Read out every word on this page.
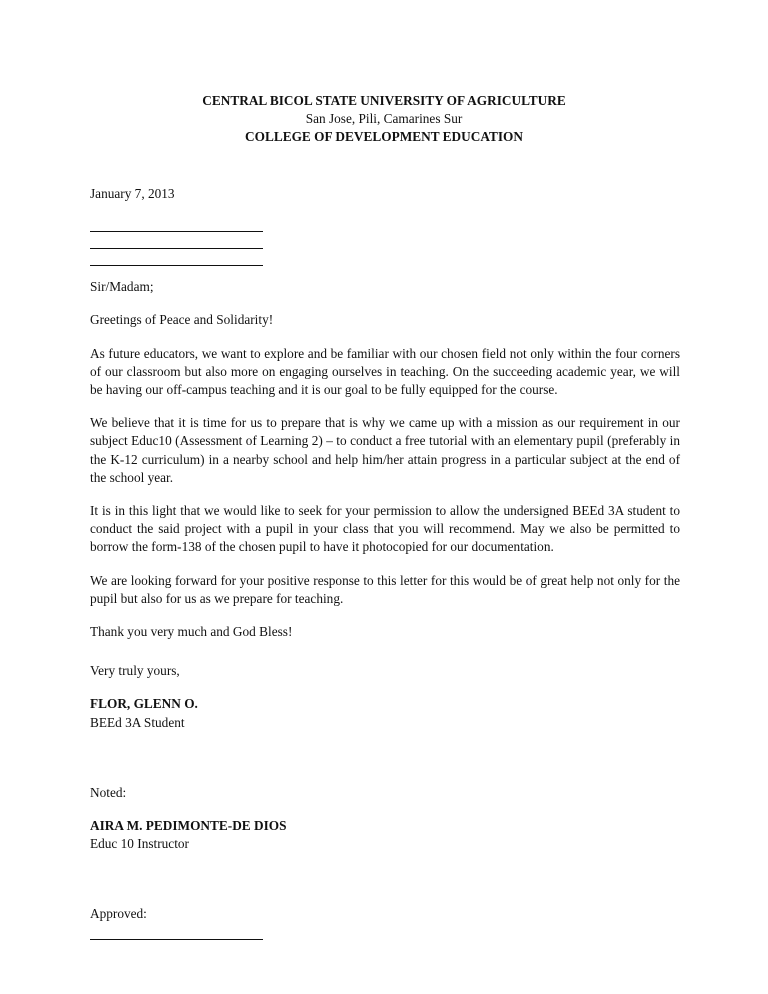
CENTRAL BICOL STATE UNIVERSITY OF AGRICULTURE
San Jose, Pili, Camarines Sur
COLLEGE OF DEVELOPMENT EDUCATION

January 7, 2013

Sir/Madam;

Greetings of Peace and Solidarity!

As future educators, we want to explore and be familiar with our chosen field not only within the four corners of our classroom but also more on engaging ourselves in teaching. On the succeeding academic year, we will be having our off-campus teaching and it is our goal to be fully equipped for the course.

We believe that it is time for us to prepare that is why we came up with a mission as our requirement in our subject Educ10 (Assessment of Learning 2) – to conduct a free tutorial with an elementary pupil (preferably in the K-12 curriculum) in a nearby school and help him/her attain progress in a particular subject at the end of the school year.

It is in this light that we would like to seek for your permission to allow the undersigned BEEd 3A student to conduct the said project with a pupil in your class that you will recommend. May we also be permitted to borrow the form-138 of the chosen pupil to have it photocopied for our documentation.

We are looking forward for your positive response to this letter for this would be of great help not only for the pupil but also for us as we prepare for teaching.

Thank you very much and God Bless!

Very truly yours,

FLOR, GLENN O.

BEEd 3A Student

Noted:

AIRA M. PEDIMONTE-DE DIOS

Educ 10 Instructor

Approved:
